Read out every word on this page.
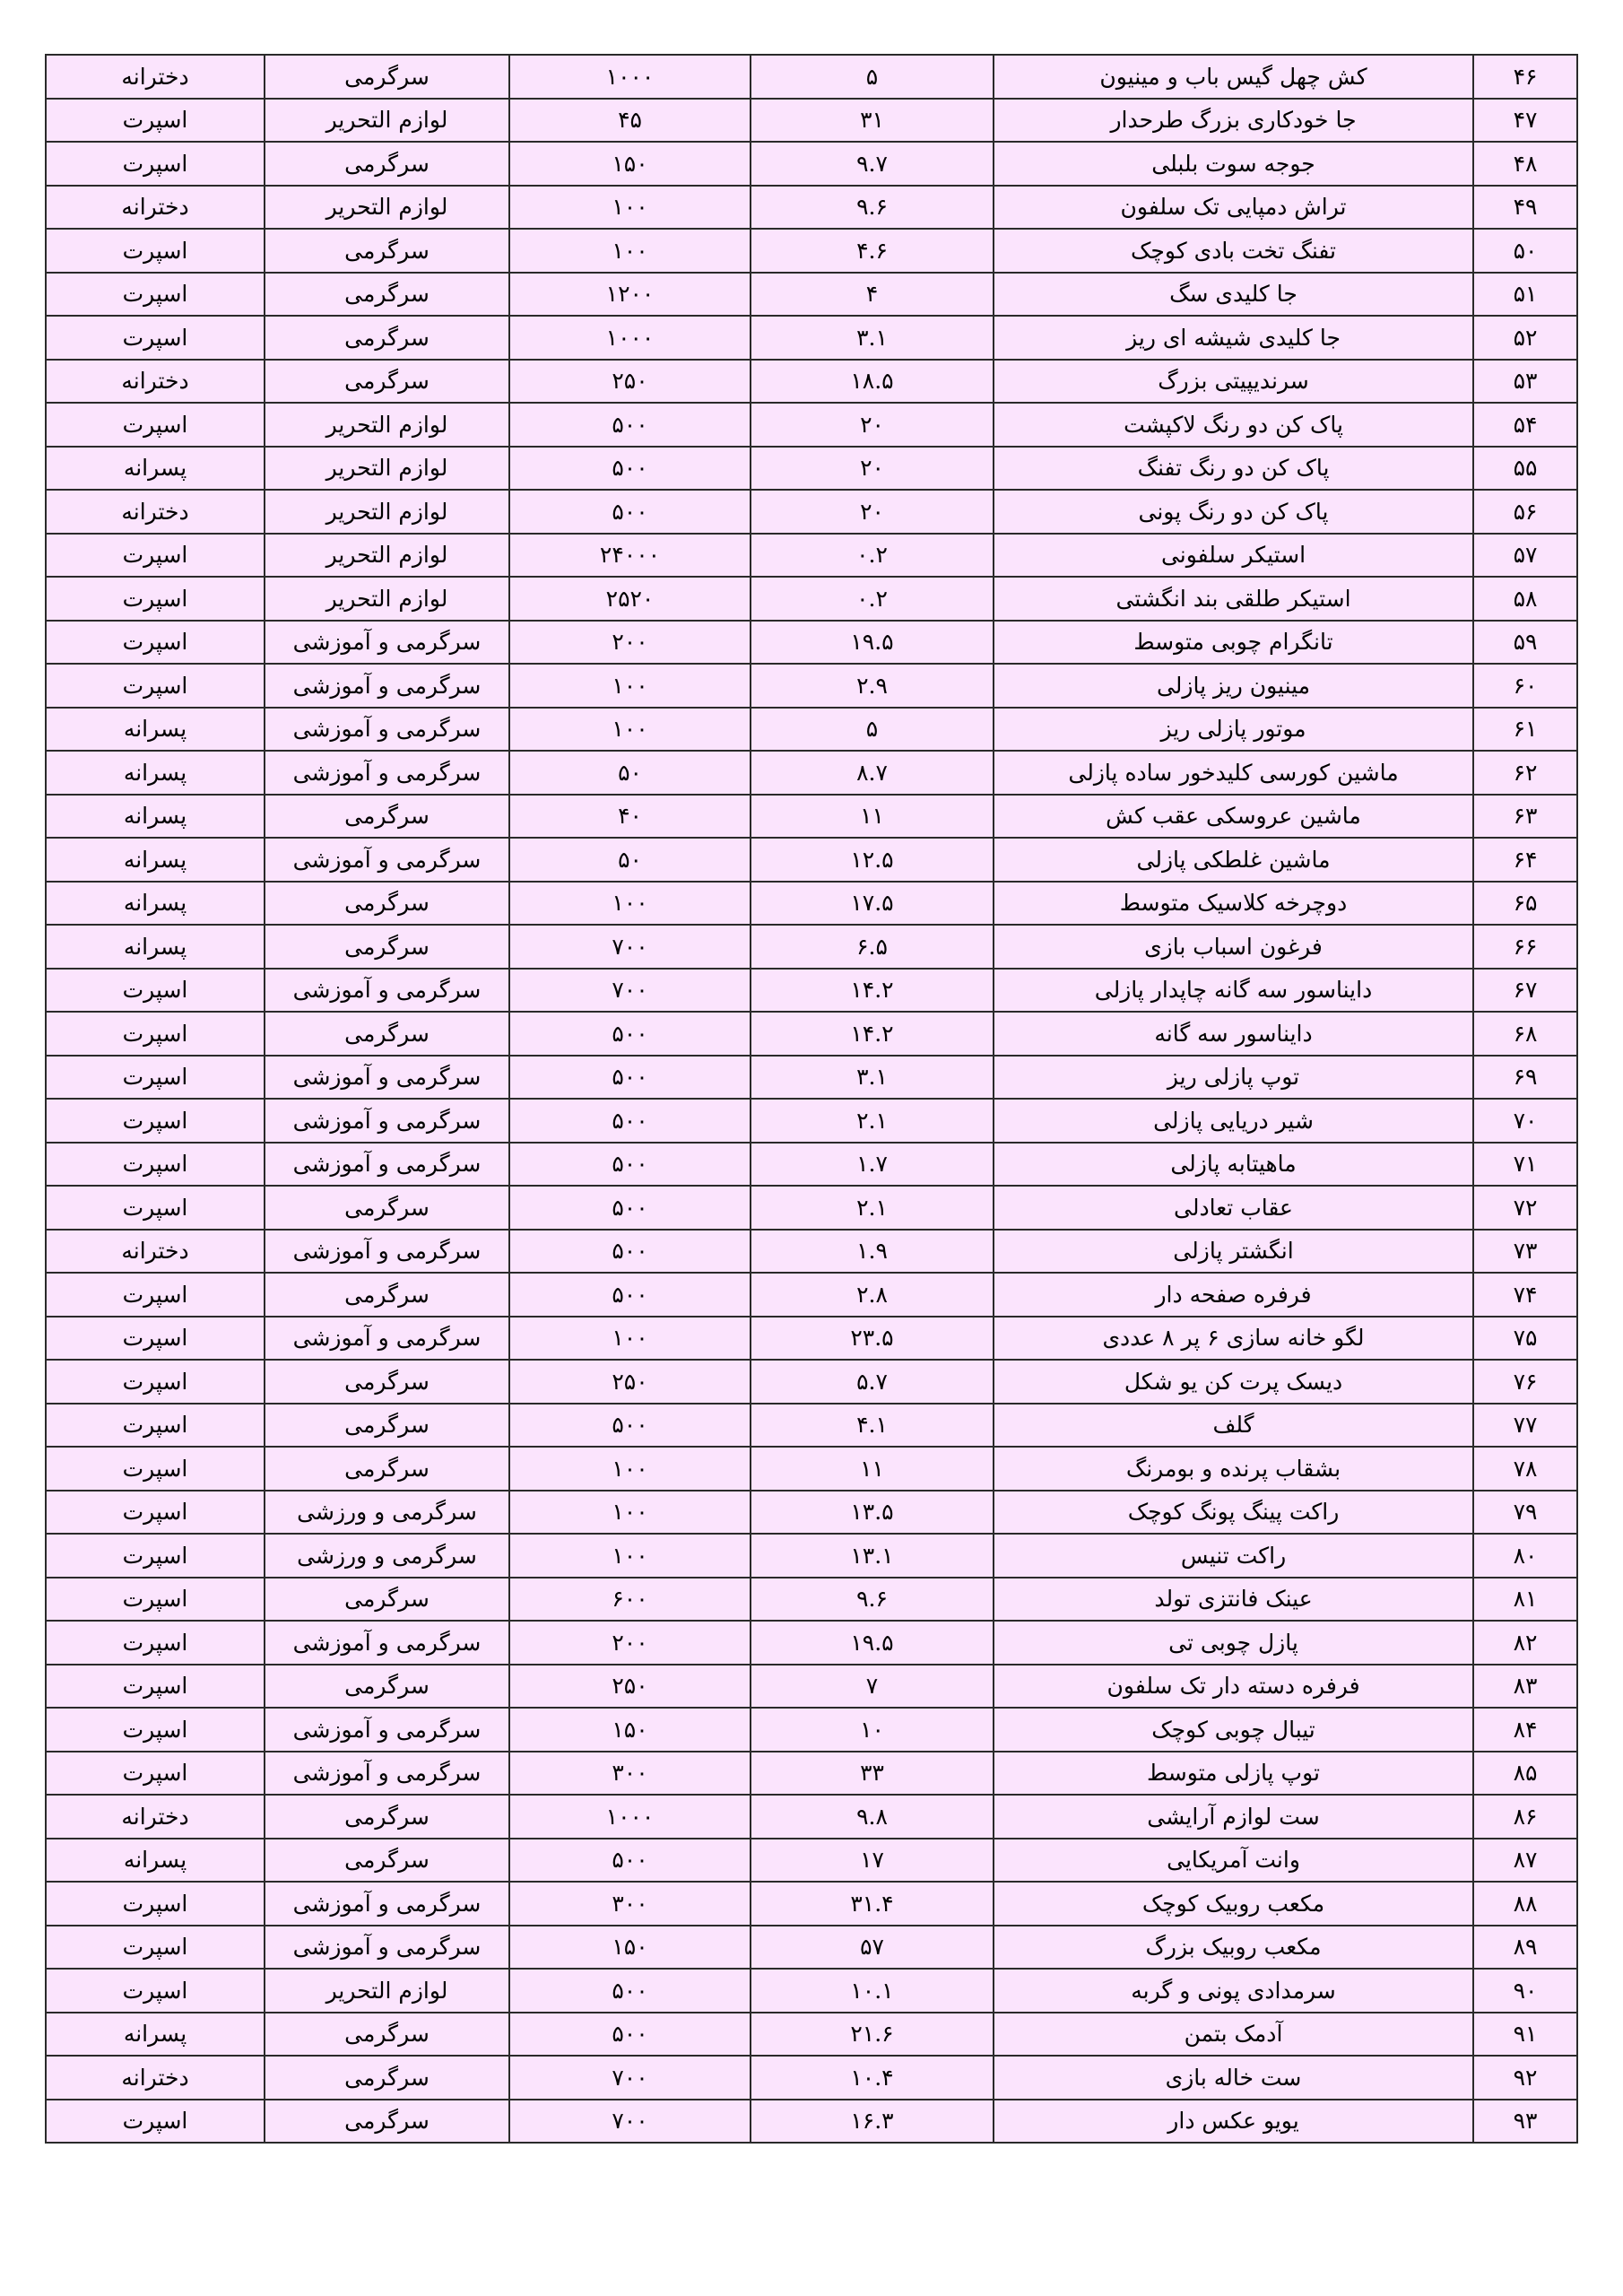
۴۶	کش چهل گیس باب و مینیون	۵	۱۰۰۰	سرگرمی	دخترانه
۴۷	جا خودکاری بزرگ طرحدار	۳۱	۴۵	لوازم التحریر	اسپرت
۴۸	جوجه سوت بلبلی	۹.۷	۱۵۰	سرگرمی	اسپرت
۴۹	تراش دمپایی تک سلفون	۹.۶	۱۰۰	لوازم التحریر	دخترانه
۵۰	تفنگ تخت بادی کوچک	۴.۶	۱۰۰	سرگرمی	اسپرت
۵۱	جا کلیدی سگ	۴	۱۲۰۰	سرگرمی	اسپرت
۵۲	جا کلیدی شیشه ای ریز	۳.۱	۱۰۰۰	سرگرمی	اسپرت
۵۳	سرندیپیتی بزرگ	۱۸.۵	۲۵۰	سرگرمی	دخترانه
۵۴	پاک کن دو رنگ لاکپشت	۲۰	۵۰۰	لوازم التحریر	اسپرت
۵۵	پاک کن دو رنگ تفنگ	۲۰	۵۰۰	لوازم التحریر	پسرانه
۵۶	پاک کن دو رنگ پونی	۲۰	۵۰۰	لوازم التحریر	دخترانه
۵۷	استیکر سلفونی	۰.۲	۲۴۰۰۰	لوازم التحریر	اسپرت
۵۸	استیکر طلقی بند انگشتی	۰.۲	۲۵۲۰	لوازم التحریر	اسپرت
۵۹	تانگرام چوبی متوسط	۱۹.۵	۲۰۰	سرگرمی و آموزشی	اسپرت
۶۰	مینیون ریز پازلی	۲.۹	۱۰۰	سرگرمی و آموزشی	اسپرت
۶۱	موتور پازلی ریز	۵	۱۰۰	سرگرمی و آموزشی	پسرانه
۶۲	ماشین کورسی کلیدخور ساده پازلی	۸.۷	۵۰	سرگرمی و آموزشی	پسرانه
۶۳	ماشین عروسکی عقب کش	۱۱	۴۰	سرگرمی	پسرانه
۶۴	ماشین غلطکی پازلی	۱۲.۵	۵۰	سرگرمی و آموزشی	پسرانه
۶۵	دوچرخه کلاسیک متوسط	۱۷.۵	۱۰۰	سرگرمی	پسرانه
۶۶	فرغون اسباب بازی	۶.۵	۷۰۰	سرگرمی	پسرانه
۶۷	دایناسور سه گانه چاپدار پازلی	۱۴.۲	۷۰۰	سرگرمی و آموزشی	اسپرت
۶۸	دایناسور سه گانه	۱۴.۲	۵۰۰	سرگرمی	اسپرت
۶۹	توپ پازلی ریز	۳.۱	۵۰۰	سرگرمی و آموزشی	اسپرت
۷۰	شیر دریایی پازلی	۲.۱	۵۰۰	سرگرمی و آموزشی	اسپرت
۷۱	ماهیتابه پازلی	۱.۷	۵۰۰	سرگرمی و آموزشی	اسپرت
۷۲	عقاب تعادلی	۲.۱	۵۰۰	سرگرمی	اسپرت
۷۳	انگشتر پازلی	۱.۹	۵۰۰	سرگرمی و آموزشی	دخترانه
۷۴	فرفره صفحه دار	۲.۸	۵۰۰	سرگرمی	اسپرت
۷۵	لگو خانه سازی ۶ پر ۸ عددی	۲۳.۵	۱۰۰	سرگرمی و آموزشی	اسپرت
۷۶	دیسک پرت کن یو شکل	۵.۷	۲۵۰	سرگرمی	اسپرت
۷۷	گلف	۴.۱	۵۰۰	سرگرمی	اسپرت
۷۸	بشقاب پرنده و بومرنگ	۱۱	۱۰۰	سرگرمی	اسپرت
۷۹	راکت پینگ پونگ کوچک	۱۳.۵	۱۰۰	سرگرمی و ورزشی	اسپرت
۸۰	راکت تنیس	۱۳.۱	۱۰۰	سرگرمی و ورزشی	اسپرت
۸۱	عینک فانتزی تولد	۹.۶	۶۰۰	سرگرمی	اسپرت
۸۲	پازل چوبی تی	۱۹.۵	۲۰۰	سرگرمی و آموزشی	اسپرت
۸۳	فرفره دسته دار تک سلفون	۷	۲۵۰	سرگرمی	اسپرت
۸۴	تیبال چوبی کوچک	۱۰	۱۵۰	سرگرمی و آموزشی	اسپرت
۸۵	توپ پازلی متوسط	۳۳	۳۰۰	سرگرمی و آموزشی	اسپرت
۸۶	ست لوازم آرایشی	۹.۸	۱۰۰۰	سرگرمی	دخترانه
۸۷	وانت آمریکایی	۱۷	۵۰۰	سرگرمی	پسرانه
۸۸	مکعب روبیک کوچک	۳۱.۴	۳۰۰	سرگرمی و آموزشی	اسپرت
۸۹	مکعب روبیک بزرگ	۵۷	۱۵۰	سرگرمی و آموزشی	اسپرت
۹۰	سرمدادی پونی و گربه	۱۰.۱	۵۰۰	لوازم التحریر	اسپرت
۹۱	آدمک بتمن	۲۱.۶	۵۰۰	سرگرمی	پسرانه
۹۲	ست خاله بازی	۱۰.۴	۷۰۰	سرگرمی	دخترانه
۹۳	یویو عکس دار	۱۶.۳	۷۰۰	سرگرمی	اسپرت
